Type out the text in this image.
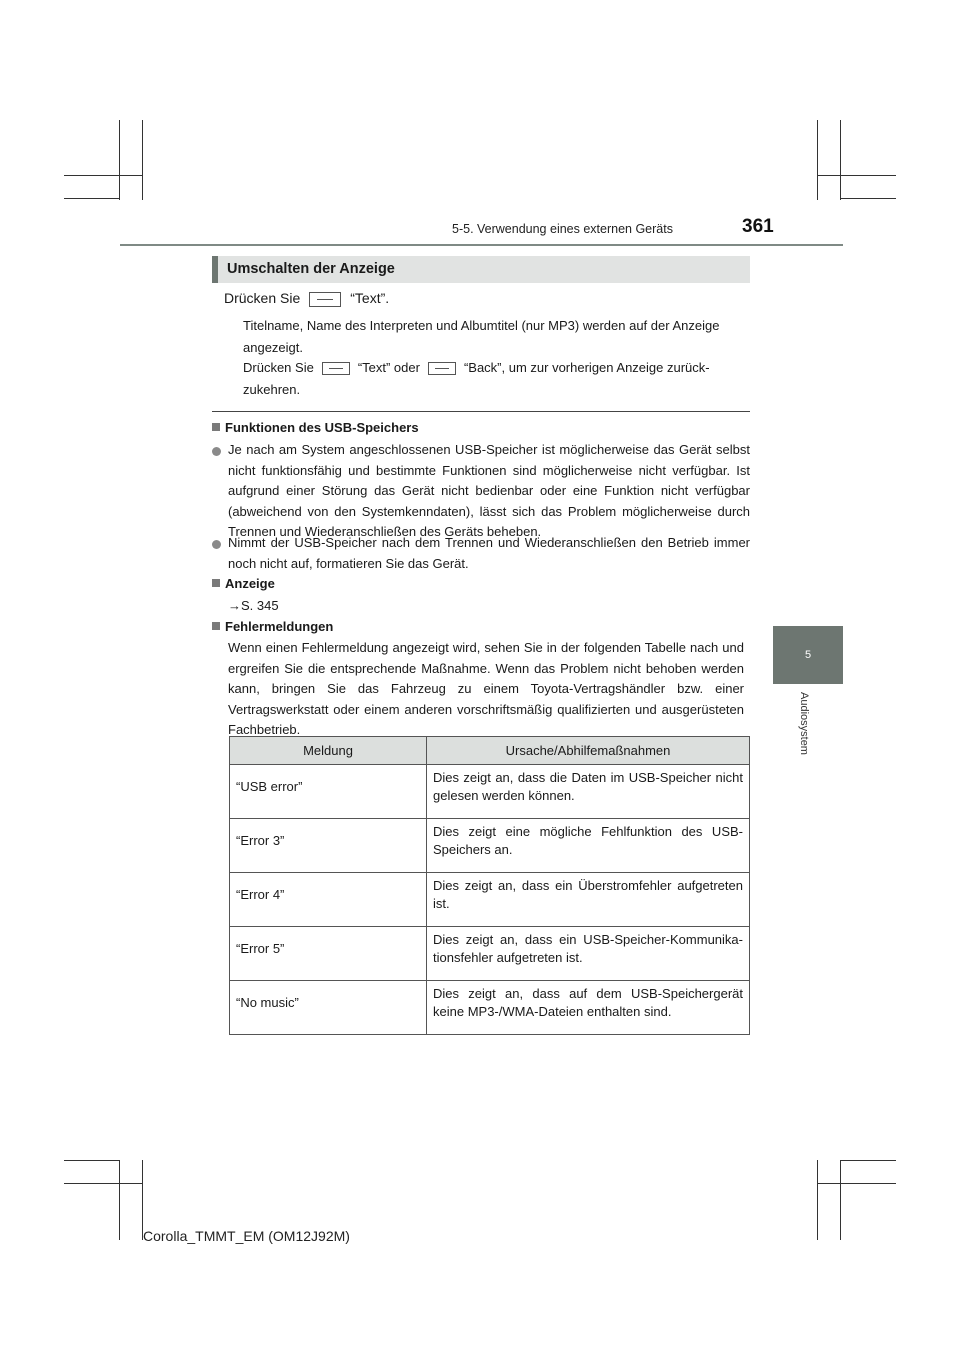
5-5. Verwendung eines externen Geräts	361
5
Audiosystem
Umschalten der Anzeige
Drücken Sie	“Text”.
Titelname, Name des Interpreten und Albumtitel (nur MP3) werden auf der Anzeige angezeigt.
Drücken Sie	“Text” oder	“Back”, um zur vorherigen Anzeige zurückzukehren.
Funktionen des USB-Speichers
Je nach am System angeschlossenen USB-Speicher ist möglicherweise das Gerät selbst nicht funktionsfähig und bestimmte Funktionen sind möglicherweise nicht verfügbar. Ist aufgrund einer Störung das Gerät nicht bedienbar oder eine Funktion nicht verfügbar (abweichend von den Systemkenndaten), lässt sich das Problem möglicherweise durch Trennen und Wiederanschließen des Geräts beheben.
Nimmt der USB-Speicher nach dem Trennen und Wiederanschließen den Betrieb immer noch nicht auf, formatieren Sie das Gerät.
Anzeige
→S. 345
Fehlermeldungen
Wenn einen Fehlermeldung angezeigt wird, sehen Sie in der folgenden Tabelle nach und ergreifen Sie die entsprechende Maßnahme. Wenn das Problem nicht behoben werden kann, bringen Sie das Fahrzeug zu einem Toyota-Vertragshändler bzw. einer Vertragswerkstatt oder einem anderen vorschriftsmäßig qualifizierten und ausgerüsteten Fachbetrieb.
Meldung	Ursache/Abhilfemaßnahmen
“USB error”	Dies zeigt an, dass die Daten im USB-Speicher nicht gelesen werden können.
“Error 3”	Dies zeigt eine mögliche Fehlfunktion des USB-Speichers an.
“Error 4”	Dies zeigt an, dass ein Überstromfehler aufgetreten ist.
“Error 5”	Dies zeigt an, dass ein USB-Speicher-Kommunikationsfehler aufgetreten ist.
“No music”	Dies zeigt an, dass auf dem USB-Speichergerät keine MP3-/WMA-Dateien enthalten sind.
Corolla_TMMT_EM (OM12J92M)
